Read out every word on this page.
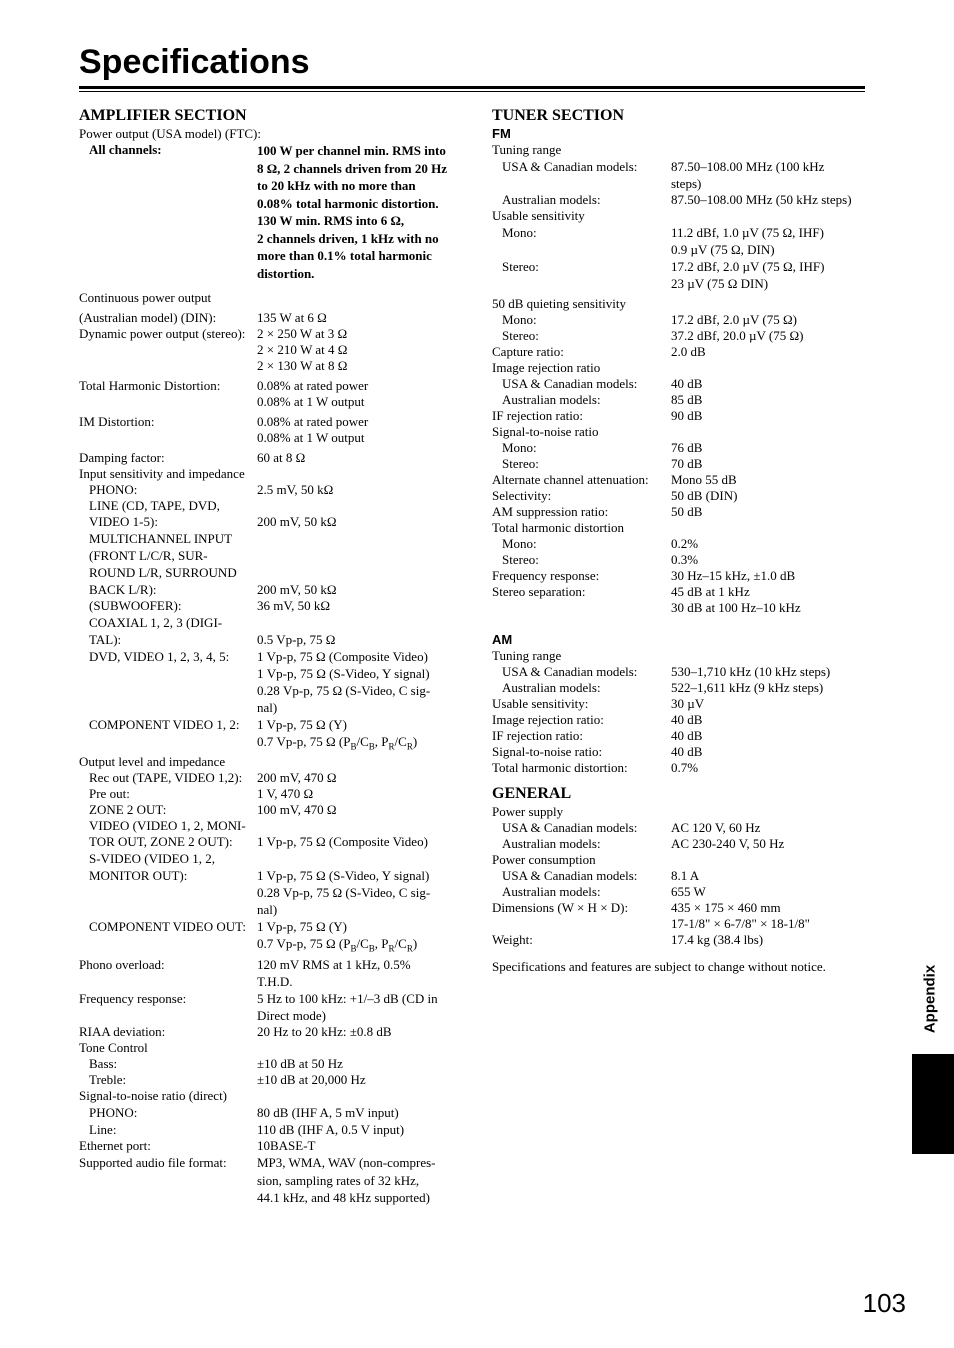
Specifications
AMPLIFIER SECTION
Power output (USA model) (FTC):
All channels:	100 W per channel min. RMS into 8 Ω, 2 channels driven from 20 Hz to 20 kHz with no more than 0.08% total harmonic distortion.
130 W min. RMS into 6 Ω,
2 channels driven, 1 kHz with no more than 0.1% total harmonic distortion.
Continuous power output
(Australian model) (DIN):	135 W at 6 Ω
Dynamic power output (stereo): 2 × 250 W at 3 Ω
2 × 210 W at 4 Ω
2 × 130 W at 8 Ω
Total Harmonic Distortion:	0.08% at rated power
0.08% at 1 W output
IM Distortion:	0.08% at rated power
0.08% at 1 W output
Damping factor:	60 at 8 Ω
Input sensitivity and impedance
PHONO:	2.5 mV, 50 kΩ
LINE (CD, TAPE, DVD,
VIDEO 1-5):	
200 mV, 50 kΩ
MULTICHANNEL INPUT
(FRONT L/C/R, SUR-
ROUND L/R, SURROUND
BACK L/R):	

200 mV, 50 kΩ
(SUBWOOFER):	36 mV, 50 kΩ
COAXIAL 1, 2, 3 (DIGI-
TAL):	
0.5 Vp-p, 75 Ω
DVD, VIDEO 1, 2, 3, 4, 5:	1 Vp-p, 75 Ω (Composite Video)
1 Vp-p, 75 Ω (S-Video, Y signal)
0.28 Vp-p, 75 Ω (S-Video, C sig-
nal)
COMPONENT VIDEO 1, 2:	1 Vp-p, 75 Ω (Y)
0.7 Vp-p, 75 Ω ($P_B/C_B$, $P_R/C_R$)
Output level and impedance
Rec out (TAPE, VIDEO 1,2):	200 mV, 470 Ω
Pre out:	1 V, 470 Ω
ZONE 2 OUT:	100 mV, 470 Ω
VIDEO (VIDEO 1, 2, MONI-
TOR OUT, ZONE 2 OUT):	
1 Vp-p, 75 Ω (Composite Video)
S-VIDEO (VIDEO 1, 2,
MONITOR OUT):	
1 Vp-p, 75 Ω (S-Video, Y signal)
0.28 Vp-p, 75 Ω (S-Video, C sig-
nal)
COMPONENT VIDEO OUT: 1 Vp-p, 75 Ω (Y)
0.7 Vp-p, 75 Ω ($P_B/C_B$, $P_R/C_R$)
Phono overload:	120 mV RMS at 1 kHz, 0.5%
T.H.D.
Frequency response:	5 Hz to 100 kHz: +1/–3 dB (CD in
Direct mode)
RIAA deviation:	20 Hz to 20 kHz: ±0.8 dB
Tone Control
Bass:	±10 dB at 50 Hz
Treble:	±10 dB at 20,000 Hz
Signal-to-noise ratio (direct)
PHONO:	80 dB (IHF A, 5 mV input)
Line:	110 dB (IHF A, 0.5 V input)
Ethernet port:	10BASE-T
Supported audio file format:	MP3, WMA, WAV (non-compres-
sion, sampling rates of 32 kHz,
44.1 kHz, and 48 kHz supported)
TUNER SECTION
FM
Tuning range
USA & Canadian models:	87.50–108.00 MHz (100 kHz
steps)
Australian models:	87.50–108.00 MHz (50 kHz steps)
Usable sensitivity
Mono:	11.2 dBf, 1.0 µV (75 Ω, IHF)
0.9 µV (75 Ω, DIN)
Stereo:	17.2 dBf, 2.0 µV (75 Ω, IHF)
23 µV (75 Ω DIN)
50 dB quieting sensitivity
Mono:	17.2 dBf, 2.0 µV (75 Ω)
Stereo:	37.2 dBf, 20.0 µV (75 Ω)
Capture ratio:	2.0 dB
Image rejection ratio
USA & Canadian models:	40 dB
Australian models:	85 dB
IF rejection ratio:	90 dB
Signal-to-noise ratio
Mono:	76 dB
Stereo:	70 dB
Alternate channel attenuation:	Mono 55 dB
Selectivity:	50 dB (DIN)
AM suppression ratio:	50 dB
Total harmonic distortion
Mono:	0.2%
Stereo:	0.3%
Frequency response:	30 Hz–15 kHz, ±1.0 dB
Stereo separation:	45 dB at 1 kHz
30 dB at 100 Hz–10 kHz
AM
Tuning range
USA & Canadian models:	530–1,710 kHz (10 kHz steps)
Australian models:	522–1,611 kHz (9 kHz steps)
Usable sensitivity:	30 µV
Image rejection ratio:	40 dB
IF rejection ratio:	40 dB
Signal-to-noise ratio:	40 dB
Total harmonic distortion:	0.7%
GENERAL
Power supply
USA & Canadian models:	AC 120 V, 60 Hz
Australian models:	AC 230-240 V, 50 Hz
Power consumption
USA & Canadian models:	8.1 A
Australian models:	655 W
Dimensions (W × H × D):	435 × 175 × 460 mm
17-1/8" × 6-7/8" × 18-1/8"
Weight:	17.4 kg (38.4 lbs)
Specifications and features are subject to change without notice.	Appendix
103
